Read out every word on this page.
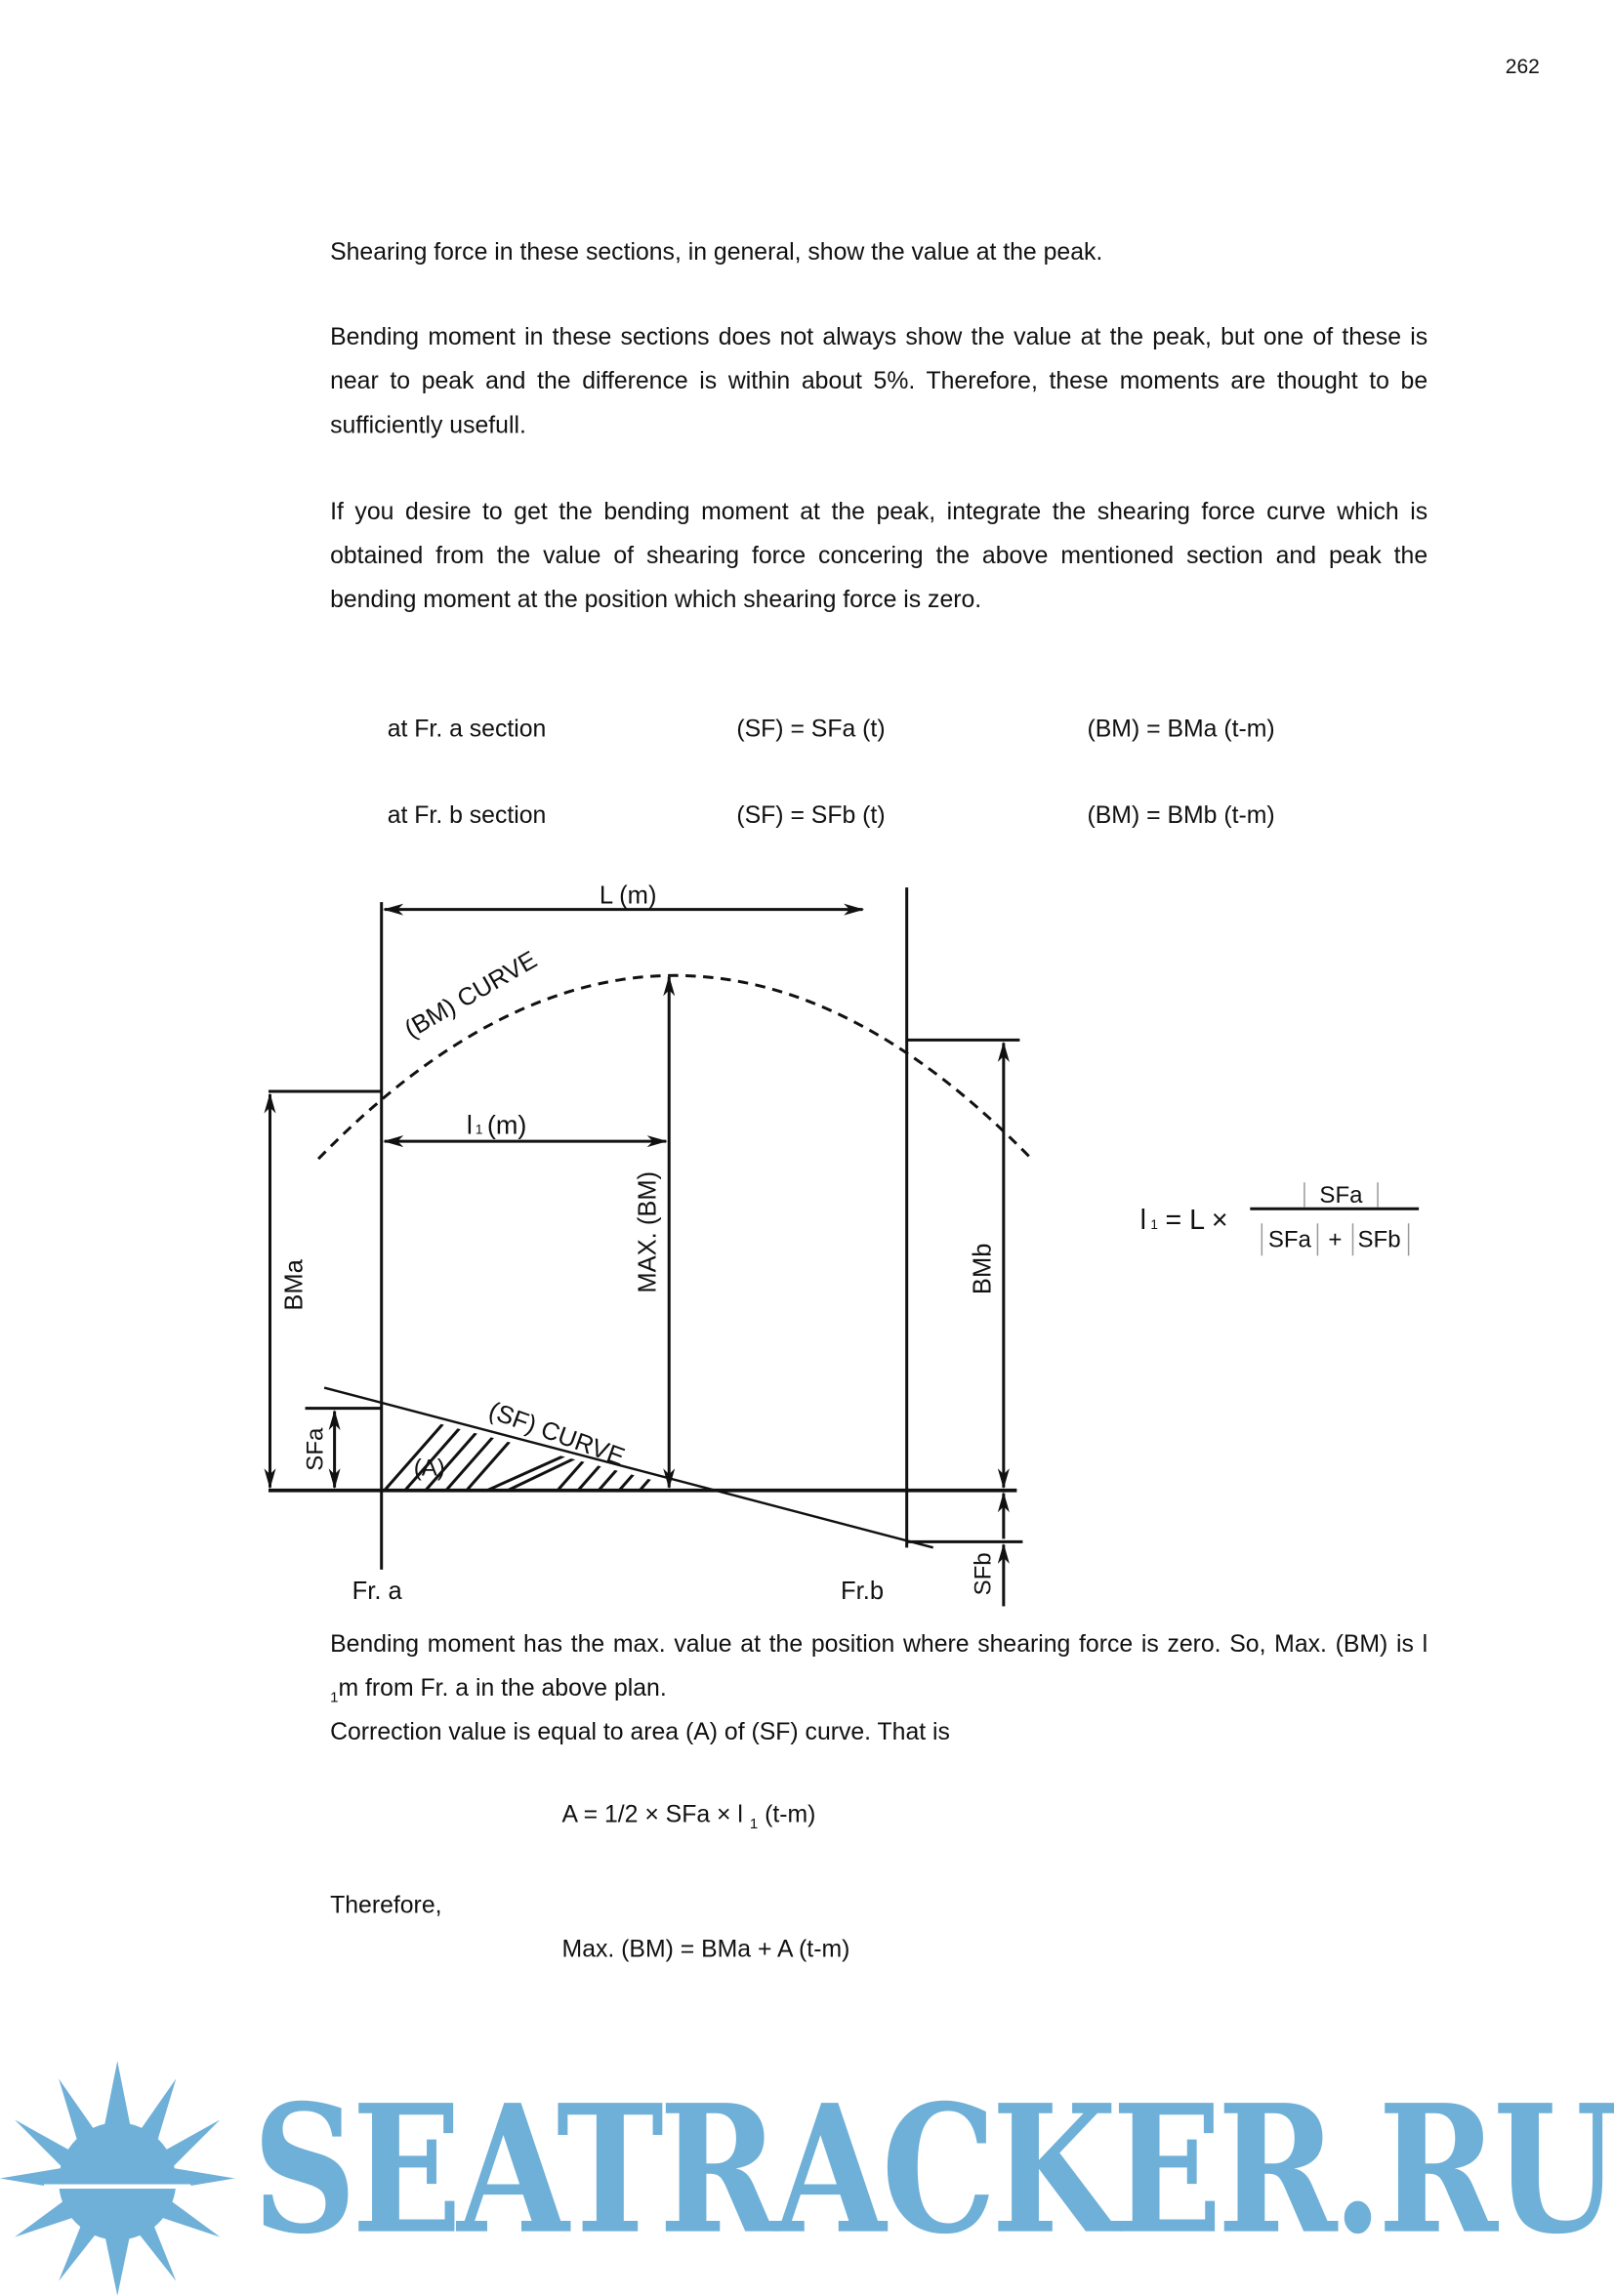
262
Shearing force in these sections, in general, show the value at the peak.
Bending moment in these sections does not always show the value at the peak, but one of these is near to peak and the difference is within about 5%. Therefore, these moments are thought to be sufficiently usefull.
If you desire to get the bending moment at the peak, integrate the shearing force curve which is obtained from the value of shearing force concering the above mentioned section and peak the bending moment at the position which shearing force is zero.
at Fr. a section	(SF) = SFa (t)	(BM) = BMa (t-m)
at Fr. b section	(SF) = SFb (t)	(BM) = BMb (t-m)
L (m)
(BM) CURVE
l 1 (m)
MAX. (BM)
BMa	BMb
(SF) CURVE
(A)
SFa
SFb
Fr. a	Fr.b
l 1 = L ×
SFa
SFa + SFb
Bending moment has the max. value at the position where shearing force is zero. So, Max. (BM) is l $_1$m from Fr. a in the above plan.
Correction value is equal to area (A) of (SF) curve. That is
A = 1/2 × SFa × l $_1$ (t-m)
Therefore,
Max. (BM) = BMa + A (t-m)
SEATRACKER.RU
